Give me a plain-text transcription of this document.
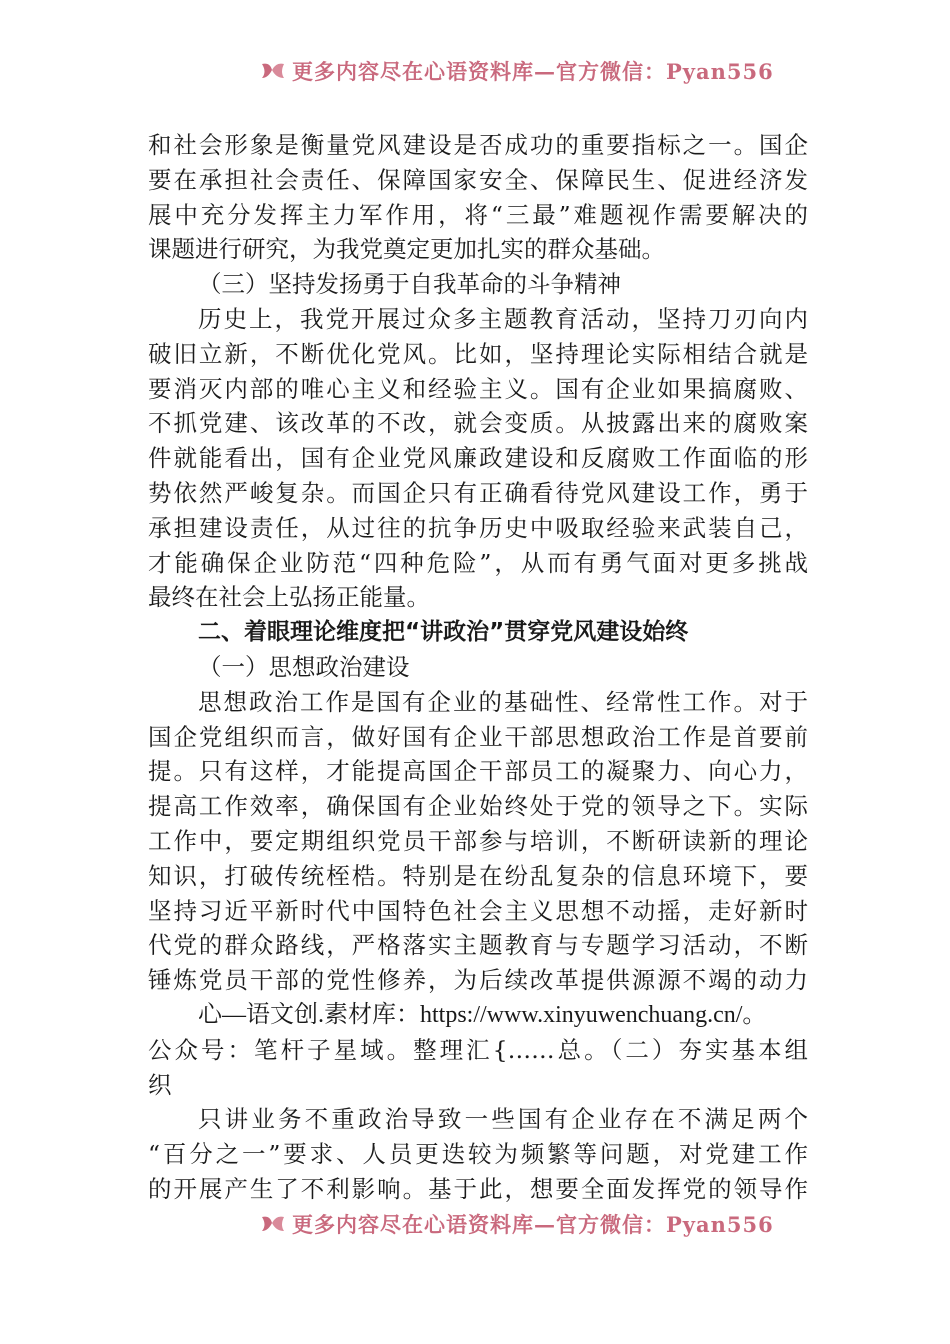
更多内容尽在心语资料库—官方微信：Pyan556
和社会形象是衡量党风建设是否成功的重要指标之一。国企
要在承担社会责任、保障国家安全、保障民生、促进经济发
展中充分发挥主力军作用，将“三最”难题视作需要解决的
课题进行研究，为我党奠定更加扎实的群众基础。
（三）坚持发扬勇于自我革命的斗争精神
历史上，我党开展过众多主题教育活动，坚持刀刃向内
破旧立新，不断优化党风。比如，坚持理论实际相结合就是
要消灭内部的唯心主义和经验主义。国有企业如果搞腐败、
不抓党建、该改革的不改，就会变质。从披露出来的腐败案
件就能看出，国有企业党风廉政建设和反腐败工作面临的形
势依然严峻复杂。而国企只有正确看待党风建设工作，勇于
承担建设责任，从过往的抗争历史中吸取经验来武装自己，
才能确保企业防范“四种危险”，从而有勇气面对更多挑战
最终在社会上弘扬正能量。
二、着眼理论维度把“讲政治”贯穿党风建设始终
（一）思想政治建设
思想政治工作是国有企业的基础性、经常性工作。对于
国企党组织而言，做好国有企业干部思想政治工作是首要前
提。只有这样，才能提高国企干部员工的凝聚力、向心力，
提高工作效率，确保国有企业始终处于党的领导之下。实际
工作中，要定期组织党员干部参与培训，不断研读新的理论
知识，打破传统桎梏。特别是在纷乱复杂的信息环境下，要
坚持习近平新时代中国特色社会主义思想不动摇，走好新时
代党的群众路线，严格落实主题教育与专题学习活动，不断
锤炼党员干部的党性修养，为后续改革提供源源不竭的动力
心—语文创.素材库：https://www.xinyuwenchuang.cn/。
公众号：笔杆子星域。整理汇{……总。（二）夯实基本组
织
只讲业务不重政治导致一些国有企业存在不满足两个
“百分之一”要求、人员更迭较为频繁等问题，对党建工作
的开展产生了不利影响。基于此，想要全面发挥党的领导作
更多内容尽在心语资料库—官方微信：Pyan556
